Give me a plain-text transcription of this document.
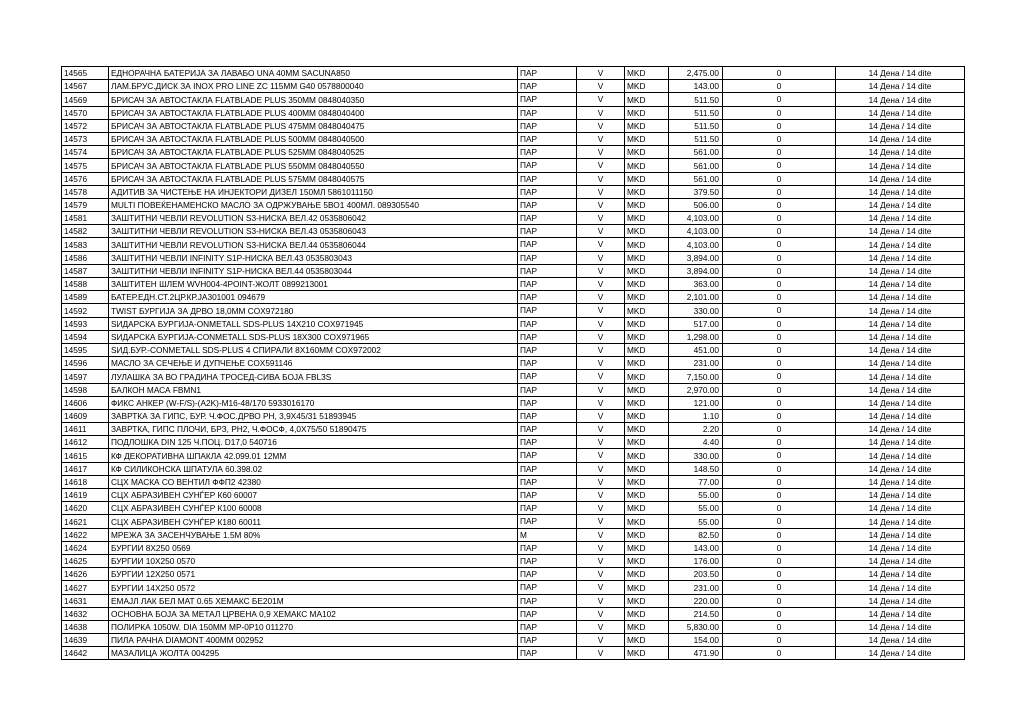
14565	ЕДНОРАЧНА БАТЕРИЈА ЗА ЛАВАБО UNA 40MM SACUNA850	ПАР	V	MKD	2,475.00	0	14 Дена / 14 dite
14567	ЛАМ.БРУС.ДИСК ЗА INOX PRO LINE ZC 115MM G40 0578800040	ПАР	V	MKD	143.00	0	14 Дена / 14 dite
14569	БРИСАЧ ЗА АВТОСТАКЛА FLATBLADE PLUS 350MM 0848040350	ПАР	V	MKD	511.50	0	14 Дена / 14 dite
14570	БРИСАЧ ЗА АВТОСТАКЛА FLATBLADE PLUS 400MM 0848040400	ПАР	V	MKD	511.50	0	14 Дена / 14 dite
14572	БРИСАЧ ЗА АВТОСТАКЛА FLATBLADE PLUS 475MM 0848040475	ПАР	V	MKD	511.50	0	14 Дена / 14 dite
14573	БРИСАЧ ЗА АВТОСТАКЛА FLATBLADE PLUS 500MM 0848040500	ПАР	V	MKD	511.50	0	14 Дена / 14 dite
14574	БРИСАЧ ЗА АВТОСТАКЛА FLATBLADE PLUS 525MM 0848040525	ПАР	V	MKD	561.00	0	14 Дена / 14 dite
14575	БРИСАЧ ЗА АВТОСТАКЛА FLATBLADE PLUS 550MM 0848040550	ПАР	V	MKD	561.00	0	14 Дена / 14 dite
14576	БРИСАЧ ЗА АВТОСТАКЛА FLATBLADE PLUS 575MM 0848040575	ПАР	V	MKD	561.00	0	14 Дена / 14 dite
14578	АДИТИВ ЗА ЧИСТЕЊЕ НА ИНЈЕКТОРИ ДИЗЕЛ 150МЛ 5861011150	ПАР	V	MKD	379.50	0	14 Дена / 14 dite
14579	MULTI ПОВЕЌЕНАМЕНСКО МАСЛО ЗА ОДРЖУВАЊЕ 5ВО1 400МЛ. 089305540	ПАР	V	MKD	506.00	0	14 Дена / 14 dite
14581	ЗАШТИТНИ ЧЕВЛИ REVOLUTION S3-НИСКА ВЕЛ.42 0535806042	ПАР	V	MKD	4,103.00	0	14 Дена / 14 dite
14582	ЗАШТИТНИ ЧЕВЛИ REVOLUTION S3-НИСКА ВЕЛ.43 0535806043	ПАР	V	MKD	4,103.00	0	14 Дена / 14 dite
14583	ЗАШТИТНИ ЧЕВЛИ REVOLUTION S3-НИСКА ВЕЛ.44 0535806044	ПАР	V	MKD	4,103.00	0	14 Дена / 14 dite
14586	ЗАШТИТНИ ЧЕВЛИ INFINITY S1P-НИСКА ВЕЛ.43 0535803043	ПАР	V	MKD	3,894.00	0	14 Дена / 14 dite
14587	ЗАШТИТНИ ЧЕВЛИ INFINITY S1P-НИСКА ВЕЛ.44 0535803044	ПАР	V	MKD	3,894.00	0	14 Дена / 14 dite
14588	ЗАШТИТЕН ШЛЕМ WVH004-4POINT-ЖОЛТ 0899213001	ПАР	V	MKD	363.00	0	14 Дена / 14 dite
14589	БАТЕР.ЕДН.СТ.2ЦР.КР.ЈА301001 094679	ПАР	V	MKD	2,101.00	0	14 Дена / 14 dite
14592	TWIST БУРГИЈА ЗА ДРВО 18,0ММ COX972180	ПАР	V	MKD	330.00	0	14 Дена / 14 dite
14593	ЅИДАРСКА БУРГИЈА-ONMETALL SDS-PLUS 14X210 COX971945	ПАР	V	MKD	517.00	0	14 Дена / 14 dite
14594	ЅИДАРСКА БУРГИЈА-CONMETALL SDS-PLUS 18X300 COX971965	ПАР	V	MKD	1,298.00	0	14 Дена / 14 dite
14595	ЅИД.БУР.-CONMETALL SDS-PLUS 4 СПИРАЛИ 8X160MM COX972002	ПАР	V	MKD	451.00	0	14 Дена / 14 dite
14596	МАСЛО ЗА СЕЧЕЊЕ И ДУПЧЕЊЕ COX591146	ПАР	V	MKD	231.00	0	14 Дена / 14 dite
14597	ЛУЛАШКА ЗА ВО ГРАДИНА ТРОСЕД-СИВА БОЈА FBL3S	ПАР	V	MKD	7,150.00	0	14 Дена / 14 dite
14598	БАЛКОН МАСА FBMN1	ПАР	V	MKD	2,970.00	0	14 Дена / 14 dite
14606	ФИКС АНКЕР (W-F/S)-(A2K)-M16-48/170 5933016170	ПАР	V	MKD	121.00	0	14 Дена / 14 dite
14609	ЗАВРТКА ЗА ГИПС, БУР. Ч.ФОС.ДРВО PH, 3,9X45/31 51893945	ПАР	V	MKD	1.10	0	14 Дена / 14 dite
14611	ЗАВРТКА, ГИПС ПЛОЧИ, БРЗ, PH2, Ч.ФОСФ, 4,0X75/50 51890475	ПАР	V	MKD	2.20	0	14 Дена / 14 dite
14612	ПОДЛОШКА DIN 125 Ч.ПОЦ. D17,0 540716	ПАР	V	MKD	4.40	0	14 Дена / 14 dite
14615	КФ ДЕКОРАТИВНА ШПАКЛА 42.099.01 12ММ	ПАР	V	MKD	330.00	0	14 Дена / 14 dite
14617	КФ СИЛИКОНСКА ШПАТУЛА 60.398.02	ПАР	V	MKD	148.50	0	14 Дена / 14 dite
14618	СЦХ МАСКА СО ВЕНТИЛ ФФП2 42380	ПАР	V	MKD	77.00	0	14 Дена / 14 dite
14619	СЦХ АБРАЗИВЕН СУНЃЕР К60 60007	ПАР	V	MKD	55.00	0	14 Дена / 14 dite
14620	СЦХ АБРАЗИВЕН СУНЃЕР К100 60008	ПАР	V	MKD	55.00	0	14 Дена / 14 dite
14621	СЦХ АБРАЗИВЕН СУНЃЕР К180 60011	ПАР	V	MKD	55.00	0	14 Дена / 14 dite
14622	МРЕЖА ЗА ЗАСЕНЧУВАЊЕ 1.5M 80%	М	V	MKD	82.50	0	14 Дена / 14 dite
14624	БУРГИИ 8Х250 0569	ПАР	V	MKD	143.00	0	14 Дена / 14 dite
14625	БУРГИИ 10Х250 0570	ПАР	V	MKD	176.00	0	14 Дена / 14 dite
14626	БУРГИИ 12Х250 0571	ПАР	V	MKD	203.50	0	14 Дена / 14 dite
14627	БУРГИИ 14Х250 0572	ПАР	V	MKD	231.00	0	14 Дена / 14 dite
14631	ЕМАЈЛ ЛАК БЕЛ МАТ 0.65 ХЕМАКС БЕ201М	ПАР	V	MKD	220.00	0	14 Дена / 14 dite
14632	ОСНОВНА БОЈА ЗА МЕТАЛ ЦРВЕНА 0,9 ХЕМАКС МА102	ПАР	V	MKD	214.50	0	14 Дена / 14 dite
14638	ПОЛИРКА 1050W. DIA 150MM MP-0P10 011270	ПАР	V	MKD	5,830.00	0	14 Дена / 14 dite
14639	ПИЛА РАЧНА DIAMONT 400MM 002952	ПАР	V	MKD	154.00	0	14 Дена / 14 dite
14642	МАЗАЛИЦА ЖОЛТА 004295	ПАР	V	MKD	471.90	0	14 Дена / 14 dite
